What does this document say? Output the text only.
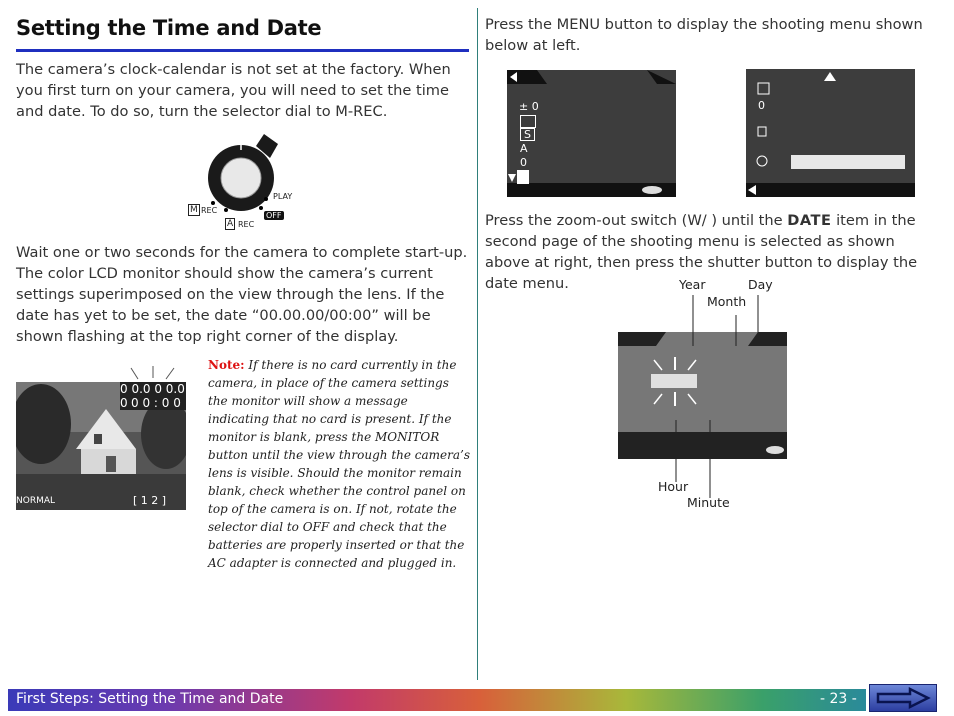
Setting the Time and Date
The camera’s clock-calendar is not set at the factory. When you first turn on your camera, you will need to set the time and date. To do so, turn the selector dial to M-REC.
M REC
A REC
PLAY
OFF
Wait one or two seconds for the camera to complete start-up. The color LCD monitor should show the camera’s current settings superimposed on the view through the lens. If the date has yet to be set, the date “00.00.00/00:00” will be shown flashing at the top right corner of the display.
0 0.0 0 0.0 0 0 0 : 0 0
NORMAL	[ 1 2 ]
Note: If there is no card currently in the camera, in place of the camera settings the monitor will show a message indicating that no card is present. If the monitor is blank, press the MONITOR button until the view through the camera’s lens is visible. Should the monitor remain blank, check whether the control panel on top of the camera is on. If not, rotate the selector dial to OFF and check that the batteries are properly inserted or that the AC adapter is connected and plugged in.
Press the MENU button to display the shooting menu shown below at left.
± 0
S
A
0
0
Press the zoom-out switch (W/ ) until the DATE item in the second page of the shooting menu is selected as shown above at right, then press the shutter button to display the date menu.	Year
Month
Day
Hour
Minute
First Steps: Setting the Time and Date	- 23 -
